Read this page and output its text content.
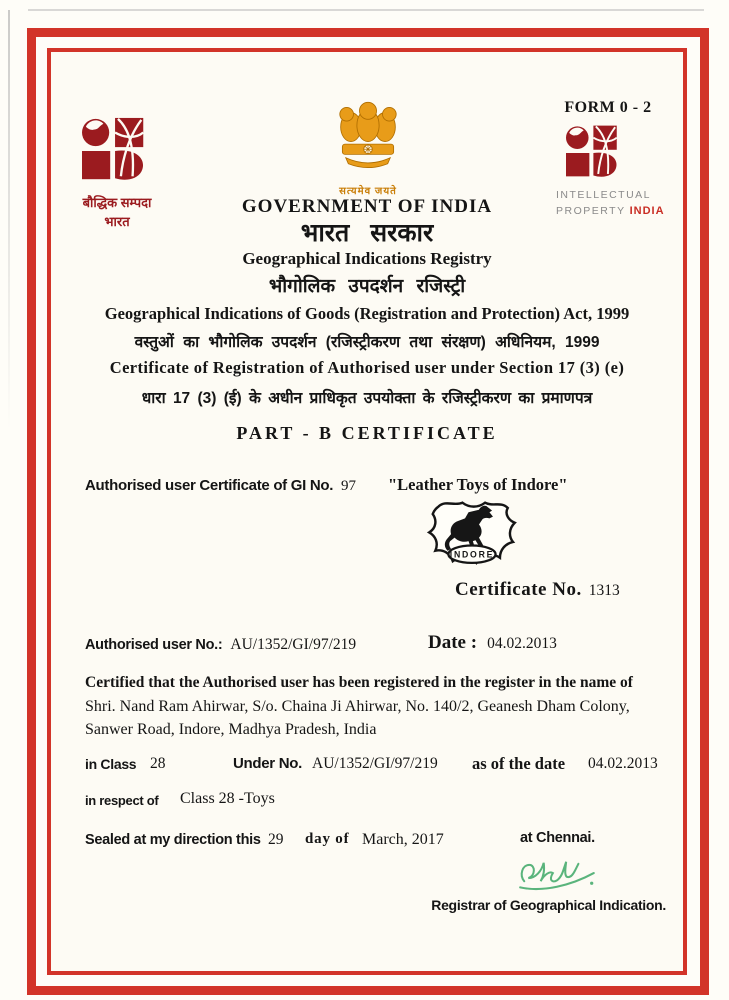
बौद्धिक सम्पदा
भारत
सत्यमेव जयते
FORM 0 - 2
INTELLECTUAL
PROPERTY INDIA
GOVERNMENT OF INDIA
भारत सरकार
Geographical Indications Registry
भौगोलिक उपदर्शन रजिस्ट्री
Geographical Indications of Goods (Registration and Protection) Act, 1999
वस्तुओं का भौगोलिक उपदर्शन (रजिस्ट्रीकरण तथा संरक्षण) अधिनियम, 1999
Certificate of Registration of Authorised user under Section 17 (3) (e)
धारा 17 (3) (ई) के अधीन प्राधिकृत उपयोक्ता के रजिस्ट्रीकरण का प्रमाणपत्र
PART - B CERTIFICATE
Authorised user Certificate of GI No. 97 "Leather Toys of Indore"
INDORE
Certificate No. 1313
Authorised user No.: AU/1352/GI/97/219	Date : 04.02.2013
Certified that the Authorised user has been registered in the register in the name of
Shri. Nand Ram Ahirwar, S/o. Chaina Ji Ahirwar, No. 140/2, Geanesh Dham Colony,
Sanwer Road, Indore, Madhya Pradesh, India
in Class 28	Under No. AU/1352/GI/97/219 as of the date 04.02.2013
in respect of Class 28 -Toys
Sealed at my direction this 29 day of March, 2017	at Chennai.
Registrar of Geographical Indication.
